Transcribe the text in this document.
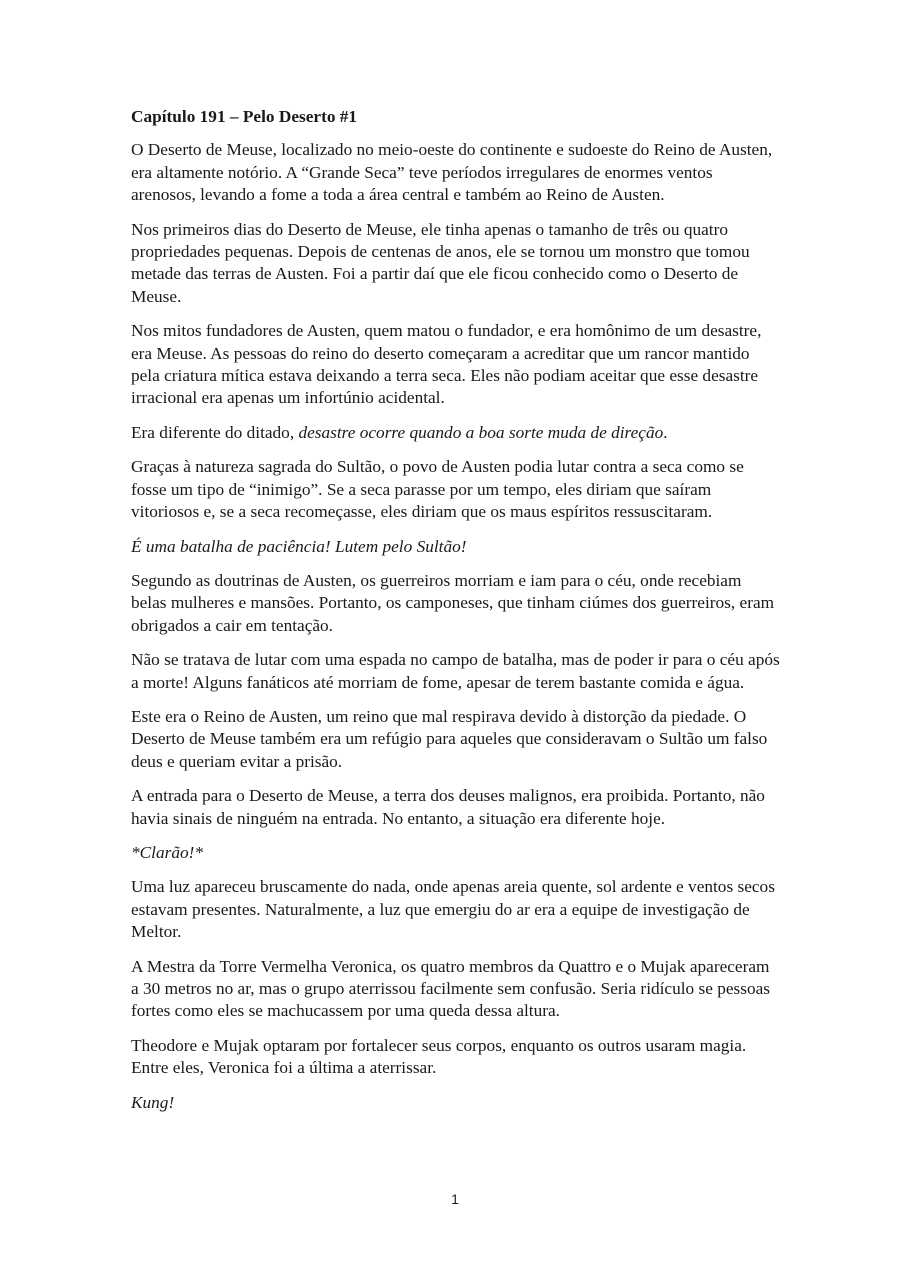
Capítulo 191 – Pelo Deserto #1

O Deserto de Meuse, localizado no meio-oeste do continente e sudoeste do Reino de Austen, era altamente notório. A “Grande Seca” teve períodos irregulares de enormes ventos arenosos, levando a fome a toda a área central e também ao Reino de Austen.

Nos primeiros dias do Deserto de Meuse, ele tinha apenas o tamanho de três ou quatro propriedades pequenas. Depois de centenas de anos, ele se tornou um monstro que tomou metade das terras de Austen. Foi a partir daí que ele ficou conhecido como o Deserto de Meuse.

Nos mitos fundadores de Austen, quem matou o fundador, e era homônimo de um desastre, era Meuse. As pessoas do reino do deserto começaram a acreditar que um rancor mantido pela criatura mítica estava deixando a terra seca. Eles não podiam aceitar que esse desastre irracional era apenas um infortúnio acidental.

Era diferente do ditado, desastre ocorre quando a boa sorte muda de direção.

Graças à natureza sagrada do Sultão, o povo de Austen podia lutar contra a seca como se fosse um tipo de “inimigo”. Se a seca parasse por um tempo, eles diriam que saíram vitoriosos e, se a seca recomeçasse, eles diriam que os maus espíritos ressuscitaram.

É uma batalha de paciência! Lutem pelo Sultão!

Segundo as doutrinas de Austen, os guerreiros morriam e iam para o céu, onde recebiam belas mulheres e mansões. Portanto, os camponeses, que tinham ciúmes dos guerreiros, eram obrigados a cair em tentação.

Não se tratava de lutar com uma espada no campo de batalha, mas de poder ir para o céu após a morte! Alguns fanáticos até morriam de fome, apesar de terem bastante comida e água.

Este era o Reino de Austen, um reino que mal respirava devido à distorção da piedade. O Deserto de Meuse também era um refúgio para aqueles que consideravam o Sultão um falso deus e queriam evitar a prisão.

A entrada para o Deserto de Meuse, a terra dos deuses malignos, era proibida. Portanto, não havia sinais de ninguém na entrada. No entanto, a situação era diferente hoje.

*Clarão!*

Uma luz apareceu bruscamente do nada, onde apenas areia quente, sol ardente e ventos secos estavam presentes. Naturalmente, a luz que emergiu do ar era a equipe de investigação de Meltor.

A Mestra da Torre Vermelha Veronica, os quatro membros da Quattro e o Mujak apareceram a 30 metros no ar, mas o grupo aterrissou facilmente sem confusão. Seria ridículo se pessoas fortes como eles se machucassem por uma queda dessa altura.

Theodore e Mujak optaram por fortalecer seus corpos, enquanto os outros usaram magia. Entre eles, Veronica foi a última a aterrissar.

Kung!

1
